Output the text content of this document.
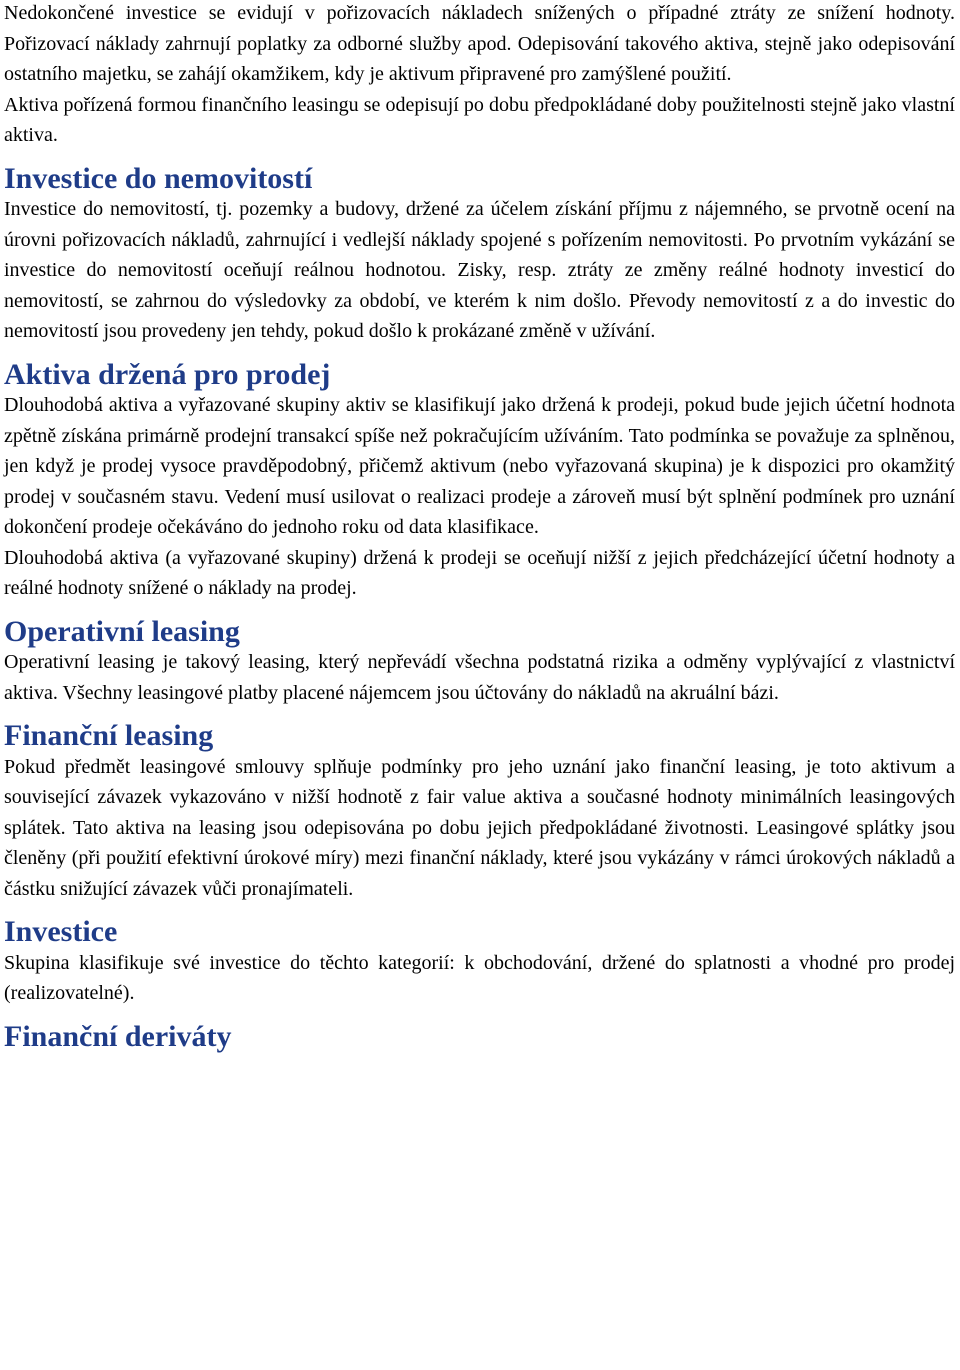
Nedokončené investice se evidují v pořizovacích nákladech snížených o případné ztráty ze snížení hodnoty. Pořizovací náklady zahrnují poplatky za odborné služby apod. Odepisování takového aktiva, stejně jako odepisování ostatního majetku, se zahájí okamžikem, kdy je aktivum připravené pro zamýšlené použití.

Aktiva pořízená formou finančního leasingu se odepisují po dobu předpokládané doby použitelnosti stejně jako vlastní aktiva.

Investice do nemovitostí

Investice do nemovitostí, tj. pozemky a budovy, držené za účelem získání příjmu z nájemného, se prvotně ocení na úrovni pořizovacích nákladů, zahrnující i vedlejší náklady spojené s pořízením nemovitosti. Po prvotním vykázání se investice do nemovitostí oceňují reálnou hodnotou. Zisky, resp. ztráty ze změny reálné hodnoty investicí do nemovitostí, se zahrnou do výsledovky za období, ve kterém k nim došlo. Převody nemovitostí z a do investic do nemovitostí jsou provedeny jen tehdy, pokud došlo k prokázané změně v užívání.

Aktiva držená pro prodej

Dlouhodobá aktiva a vyřazované skupiny aktiv se klasifikují jako držená k prodeji, pokud bude jejich účetní hodnota zpětně získána primárně prodejní transakcí spíše než pokračujícím užíváním. Tato podmínka se považuje za splněnou, jen když je prodej vysoce pravděpodobný, přičemž aktivum (nebo vyřazovaná skupina) je k dispozici pro okamžitý prodej v současném stavu. Vedení musí usilovat o realizaci prodeje a zároveň musí být splnění podmínek pro uznání dokončení prodeje očekáváno do jednoho roku od data klasifikace.

Dlouhodobá aktiva (a vyřazované skupiny) držená k prodeji se oceňují nižší z jejich předcházející účetní hodnoty a reálné hodnoty snížené o náklady na prodej.

Operativní leasing

Operativní leasing je takový leasing, který nepřevádí všechna podstatná rizika a odměny vyplývající z vlastnictví aktiva. Všechny leasingové platby placené nájemcem jsou účtovány do nákladů na akruální bázi.

Finanční leasing

Pokud předmět leasingové smlouvy splňuje podmínky pro jeho uznání jako finanční leasing, je toto aktivum a související závazek vykazováno v nižší hodnotě z fair value aktiva a současné hodnoty minimálních leasingových splátek. Tato aktiva na leasing jsou odepisována po dobu jejich předpokládané životnosti. Leasingové splátky jsou členěny (při použití efektivní úrokové míry) mezi finanční náklady, které jsou vykázány v rámci úrokových nákladů a částku snižující závazek vůči pronajímateli.

Investice

Skupina klasifikuje své investice do těchto kategorií: k obchodování, držené do splatnosti a vhodné pro prodej (realizovatelné).

Finanční deriváty
